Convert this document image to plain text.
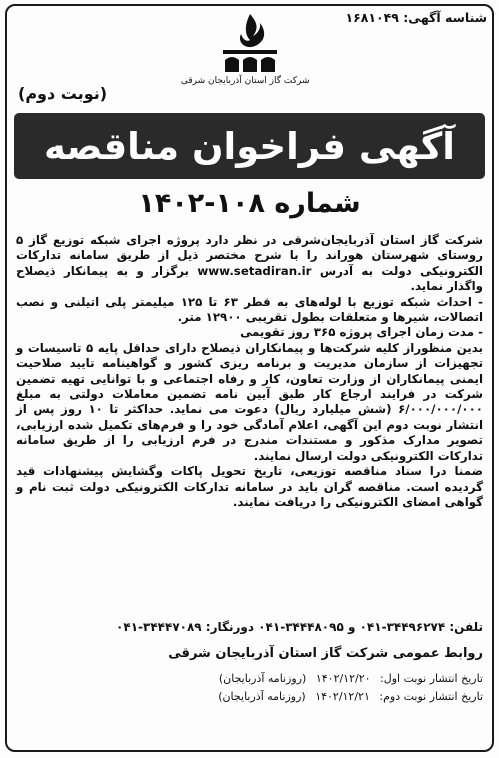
شناسه آگهی: ۱۶۸۱۰۴۹
شرکت گاز استان آذربایجان شرقی
(نوبت دوم)
آگهی فراخوان مناقصه
شماره ۱۰۸-۱۴۰۲

شرکت گاز استان آذربایجان‌شرقی در نظر دارد پروژه اجرای شبکه توزیع گاز ۵ روستای شهرستان هوراند را با شرح مختصر ذیل از طریق سامانه تدارکات الکترونیکی دولت به آدرس www.setadiran.ir برگزار و به پیمانکار ذیصلاح واگذار نماید.

- احداث شبکه توزیع با لوله‌های به قطر ۶۳ تا ۱۲۵ میلیمتر پلی اتیلنی و نصب اتصالات، شیرها و متعلقات بطول تقریبی ۱۲۹۰۰ متر.

- مدت زمان اجرای پروژه ۳۶۵ روز تقویمی

بدین منظوراز کلیه شرکت‌ها و پیمانکاران ذیصلاح دارای حداقل پایه ۵ تاسیسات و تجهیزات از سازمان مدیریت و برنامه ریزی کشور و گواهینامه تایید صلاحیت ایمنی پیمانکاران از وزارت تعاون، کار و رفاه اجتماعی و با توانایی تهیه تضمین شرکت در فرایند ارجاع کار طبق آیین نامه تضمین معاملات دولتی به مبلغ ۶/۰۰۰/۰۰۰/۰۰۰ (شش میلیارد ریال) دعوت می نماید. حداکثر تا ۱۰ روز پس از انتشار نوبت دوم این آگهی، اعلام آمادگی خود را و فرم‌های تکمیل شده ارزیابی، تصویر مدارک مذکور و مستندات مندرج در فرم ارزیابی را از طریق سامانه تدارکات الکترونیکی دولت ارسال نمایند.

ضمنا درا سناد مناقصه توزیعی، تاریخ تحویل پاکات وگشایش پیشنهادات قید گردیده است. مناقصه گران باید در سامانه تدارکات الکترونیکی دولت ثبت نام و گواهی امضای الکترونیکی را دریافت نمایند.

تلفن: ۳۴۴۹۶۲۷۴-۰۴۱ و ۳۴۴۴۸۰۹۵-۰۴۱ دورنگار: ۳۴۴۴۷۰۸۹-۰۴۱
روابط عمومی شرکت گاز استان آذربایجان شرقی
تاریخ انتشار نوبت اول: ۱۴۰۲/۱۲/۲۰ (روزنامه آذربایجان)
تاریخ انتشار نوبت دوم: ۱۴۰۲/۱۲/۲۱ (روزنامه آذربایجان)
